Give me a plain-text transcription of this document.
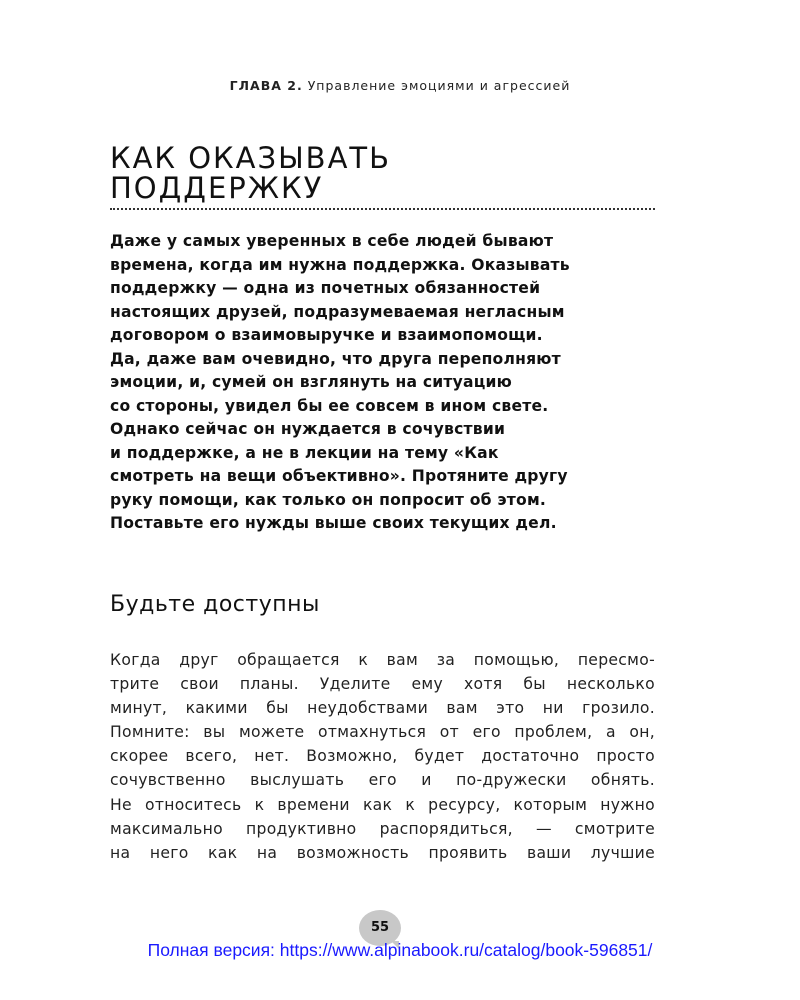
ГЛАВА 2. Управление эмоциями и агрессией
КАК ОКАЗЫВАТЬ
ПОДДЕРЖКУ
Даже у самых уверенных в себе людей бывают
времена, когда им нужна поддержка. Оказывать
поддержку — одна из почетных обязанностей
настоящих друзей, подразумеваемая негласным
договором о взаимовыручке и взаимопомощи.
Да, даже вам очевидно, что друга переполняют
эмоции, и, сумей он взглянуть на ситуацию
со стороны, увидел бы ее совсем в ином свете.
Однако сейчас он нуждается в сочувствии
и поддержке, а не в лекции на тему «Как
смотреть на вещи объективно». Протяните другу
руку помощи, как только он попросит об этом.
Поставьте его нужды выше своих текущих дел.
Будьте доступны
Когда друг обращается к вам за помощью, пересмо-
трите свои планы. Уделите ему хотя бы несколько
минут, какими бы неудобствами вам это ни грозило.
Помните: вы можете отмахнуться от его проблем, а он,
скорее всего, нет. Возможно, будет достаточно просто
сочувственно выслушать его и по-дружески обнять.
Не относитесь к времени как к ресурсу, которым нужно
максимально продуктивно распорядиться, — смотрите
на него как на возможность проявить ваши лучшие
55
Полная версия: https://www.alpinabook.ru/catalog/book-596851/
